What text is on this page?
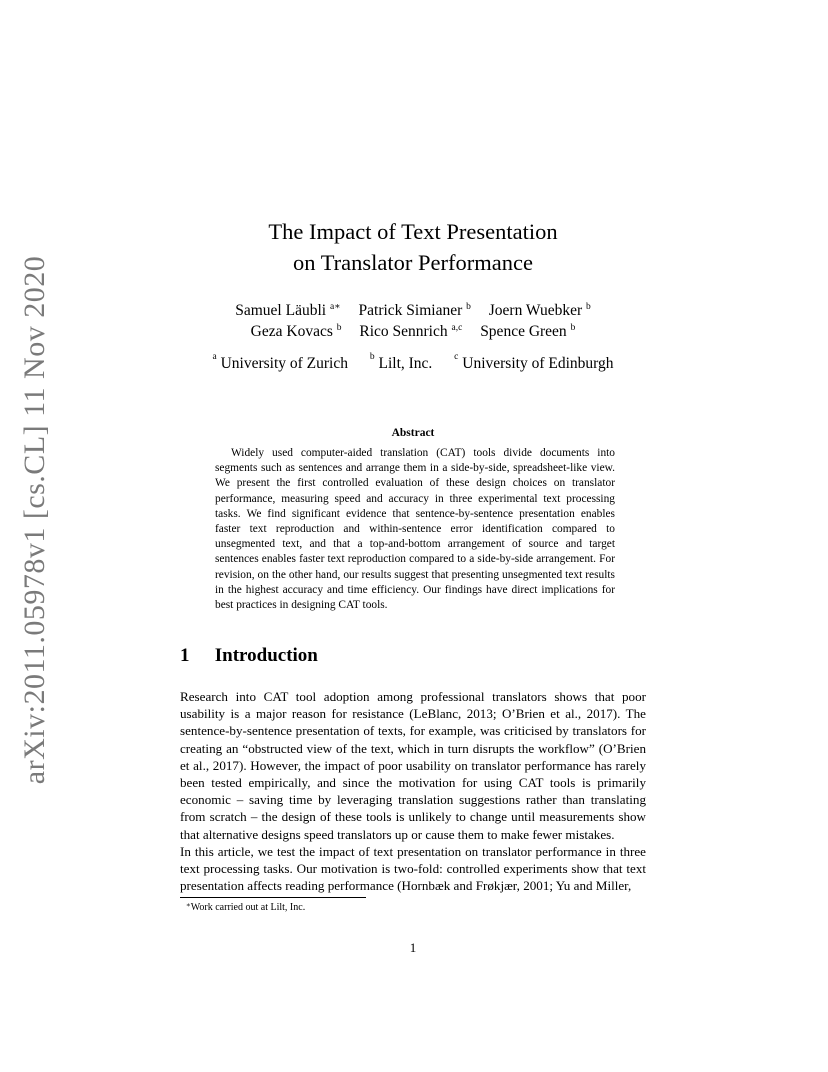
arXiv:2011.05978v1 [cs.CL] 11 Nov 2020
The Impact of Text Presentation
on Translator Performance
Samuel Läubli $^{a∗}$ Patrick Simianer $^b$ Joern Wuebker $^b$
Geza Kovacs $^b$ Rico Sennrich $^{a,c}$ Spence Green $^b$
$^a$ University of Zurich $^b$ Lilt, Inc. $^c$ University of Edinburgh
Abstract

Widely used computer-aided translation (CAT) tools divide documents into segments such as sentences and arrange them in a side-by-side, spreadsheet-like view. We present the first controlled evaluation of these design choices on translator performance, measuring speed and accuracy in three experimental text processing tasks. We find significant evidence that sentence-by-sentence presentation enables faster text reproduction and within-sentence error identification compared to unsegmented text, and that a top-and-bottom arrangement of source and target sentences enables faster text reproduction compared to a side-by-side arrangement. For revision, on the other hand, our results suggest that presenting unsegmented text results in the highest accuracy and time efficiency. Our findings have direct implications for best practices in designing CAT tools.

1 Introduction

Research into CAT tool adoption among professional translators shows that poor usability is a major reason for resistance (LeBlanc, 2013; O’Brien et al., 2017). The sentence-by-sentence presentation of texts, for example, was criticised by translators for creating an “obstructed view of the text, which in turn disrupts the workflow” (O’Brien et al., 2017). However, the impact of poor usability on translator performance has rarely been tested empirically, and since the motivation for using CAT tools is primarily economic – saving time by leveraging translation suggestions rather than translating from scratch – the design of these tools is unlikely to change until measurements show that alternative designs speed translators up or cause them to make fewer mistakes.

In this article, we test the impact of text presentation on translator performance in three text processing tasks. Our motivation is two-fold: controlled experiments show that text presentation affects reading performance (Hornbæk and Frøkjær, 2001; Yu and Miller,

∗Work carried out at Lilt, Inc.
1
